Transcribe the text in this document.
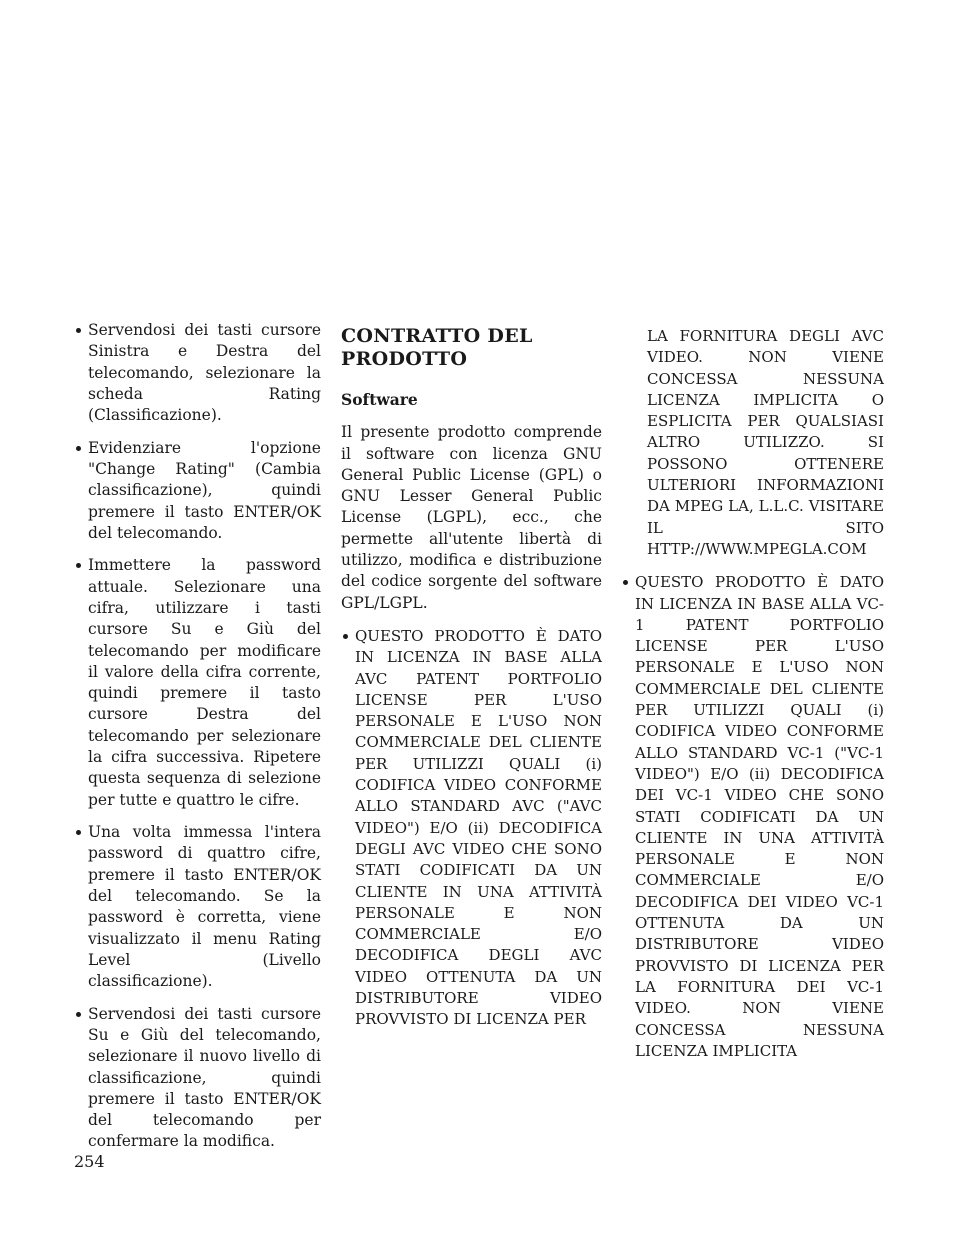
Servendosi dei tasti cursore Sinistra e Destra del telecomando, selezionare la scheda Rating (Classificazione).
Evidenziare l'opzione "Change Rating" (Cambia classificazione), quindi premere il tasto ENTER/OK del telecomando.
Immettere la password attuale. Selezionare una cifra, utilizzare i tasti cursore Su e Giù del telecomando per modificare il valore della cifra corrente, quindi premere il tasto cursore Destra del telecomando per selezionare la cifra successiva. Ripetere questa sequenza di selezione per tutte e quattro le cifre.
Una volta immessa l'intera password di quattro cifre, premere il tasto ENTER/OK del telecomando. Se la password è corretta, viene visualizzato il menu Rating Level (Livello classificazione).
Servendosi dei tasti cursore Su e Giù del telecomando, selezionare il nuovo livello di classificazione, quindi premere il tasto ENTER/OK del telecomando per confermare la modifica.
CONTRATTO DEL PRODOTTO
Software

Il presente prodotto comprende il software con licenza GNU General Public License (GPL) o GNU Lesser General Public License (LGPL), ecc., che permette all'utente libertà di utilizzo, modifica e distribuzione del codice sorgente del software GPL/LGPL.

QUESTO PRODOTTO È DATO IN LICENZA IN BASE ALLA AVC PATENT PORTFOLIO LICENSE PER L'USO PERSONALE E L'USO NON COMMERCIALE DEL CLIENTE PER UTILIZZI QUALI (i) CODIFICA VIDEO CONFORME ALLO STANDARD AVC ("AVC VIDEO") E/O (ii) DECODIFICA DEGLI AVC VIDEO CHE SONO STATI CODIFICATI DA UN CLIENTE IN UNA ATTIVITÀ PERSONALE E NON COMMERCIALE E/O DECODIFICA DEGLI AVC VIDEO OTTENUTA DA UN DISTRIBUTORE VIDEO PROVVISTO DI LICENZA PER

LA FORNITURA DEGLI AVC VIDEO. NON VIENE CONCESSA NESSUNA LICENZA IMPLICITA O ESPLICITA PER QUALSIASI ALTRO UTILIZZO. SI POSSONO OTTENERE ULTERIORI INFORMAZIONI DA MPEG LA, L.L.C. VISITARE IL SITO HTTP://WWW.MPEGLA.COM

QUESTO PRODOTTO È DATO IN LICENZA IN BASE ALLA VC-1 PATENT PORTFOLIO LICENSE PER L'USO PERSONALE E L'USO NON COMMERCIALE DEL CLIENTE PER UTILIZZI QUALI (i) CODIFICA VIDEO CONFORME ALLO STANDARD VC-1 ("VC-1 VIDEO") E/O (ii) DECODIFICA DEI VC-1 VIDEO CHE SONO STATI CODIFICATI DA UN CLIENTE IN UNA ATTIVITÀ PERSONALE E NON COMMERCIALE E/O DECODIFICA DEI VIDEO VC-1 OTTENUTA DA UN DISTRIBUTORE VIDEO PROVVISTO DI LICENZA PER LA FORNITURA DEI VC-1 VIDEO. NON VIENE CONCESSA NESSUNA LICENZA IMPLICITA
254
